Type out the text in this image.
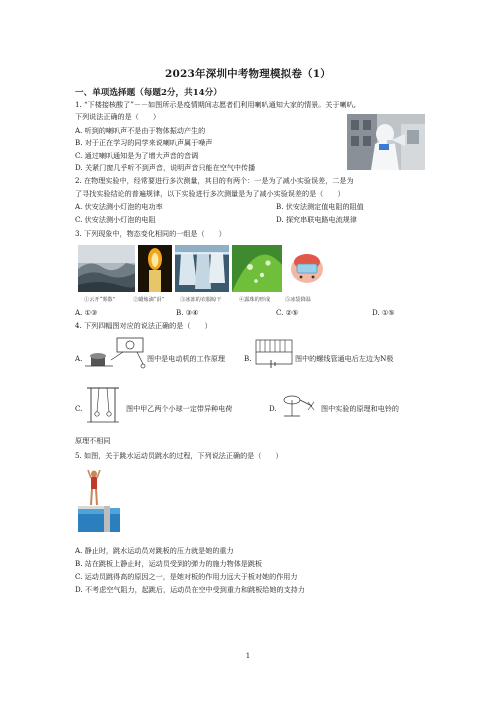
2023年深圳中考物理模拟卷（1）
一、单项选择题（每题2分，共14分）
1. “下楼接核酸了”－－如图所示是疫情期间志愿者们利用喇叭通知大家的情景。关于喇叭,
下列说法正确的是（　　）
A. 听到的喇叭声不是由于物体振动产生的
B. 对于正在学习的同学来说喇叭声属于噪声
C. 通过喇叭通知是为了增大声音的音调
D. 关紧门窗几乎听不到声音，说明声音只能在空气中传播
2. 在物理实验中，经常要进行多次测量，其目的有两个：一是为了减小实验误差，二是为
了寻找实验结论的普遍规律，以下实验进行多次测量是为了减小实验误差的是（　　）
A. 伏安法测小灯泡的电功率	B. 伏安法测定值电阻的阻值
C. 伏安法测小灯泡的电阻	D. 探究串联电路电流规律
3. 下列现象中，物态变化相同的一组是（　　）
①云开“雾散”	②蜡烛滴“泪”	③冰冻的衣服晾干	④露珠的形成	⑤冰袋降温
A. ①③	B. ③④	C. ②⑤	D. ①⑤
4. 下列四幅图对应的说法正确的是（　　）
A.	图中是电动机的工作原理	B.	图中的螺线管通电后左边为N极
C.	图中甲乙两个小球一定带异种电荷	D.	图中实验的原理和电铃的
原理不相同
5. 如图，关于跳水运动员跳水的过程，下列说法正确的是（　　）
A. 静止时，跳水运动员对跳板的压力就是她的重力
B. 站在跳板上静止时，运动员受到的弹力的施力物体是跳板
C. 运动员跳得高的原因之一，是她对板的作用力远大于板对她的作用力
D. 不考虑空气阻力，起跳后，运动员在空中受到重力和跳板给她的支持力
1
